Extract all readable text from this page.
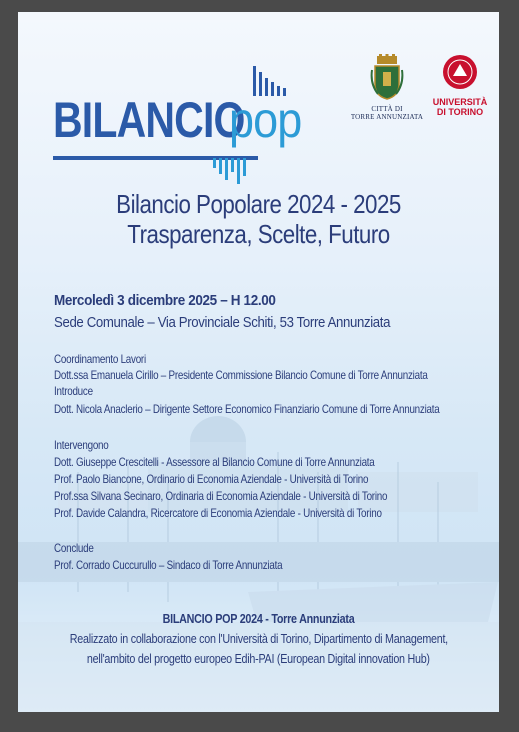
BILANCIO
pop	CITTÀ DI
TORRE ANNUNZIATA
UNIVERSITÀ
DI TORINO
Bilancio Popolare 2024 - 2025
Trasparenza, Scelte, Futuro
Mercoledì 3 dicembre 2025 – H 12.00
Sede Comunale – Via Provinciale Schiti, 53 Torre Annunziata
Coordinamento Lavori
Dott.ssa Emanuela Cirillo – Presidente Commissione Bilancio Comune di Torre Annunziata
Introduce
Dott. Nicola Anaclerio – Dirigente Settore Economico Finanziario Comune di Torre Annunziata
Intervengono
Dott. Giuseppe Crescitelli - Assessore al Bilancio Comune di Torre Annunziata
Prof. Paolo Biancone, Ordinario di Economia Aziendale - Università di Torino
Prof.ssa Silvana Secinaro, Ordinaria di Economia Aziendale - Università di Torino
Prof. Davide Calandra, Ricercatore di Economia Aziendale - Università di Torino
Conclude
Prof. Corrado Cuccurullo – Sindaco di Torre Annunziata
BILANCIO POP 2024 - Torre Annunziata
Realizzato in collaborazione con l'Università di Torino, Dipartimento di Management,
nell'ambito del progetto europeo Edih-PAI (European Digital innovation Hub)
